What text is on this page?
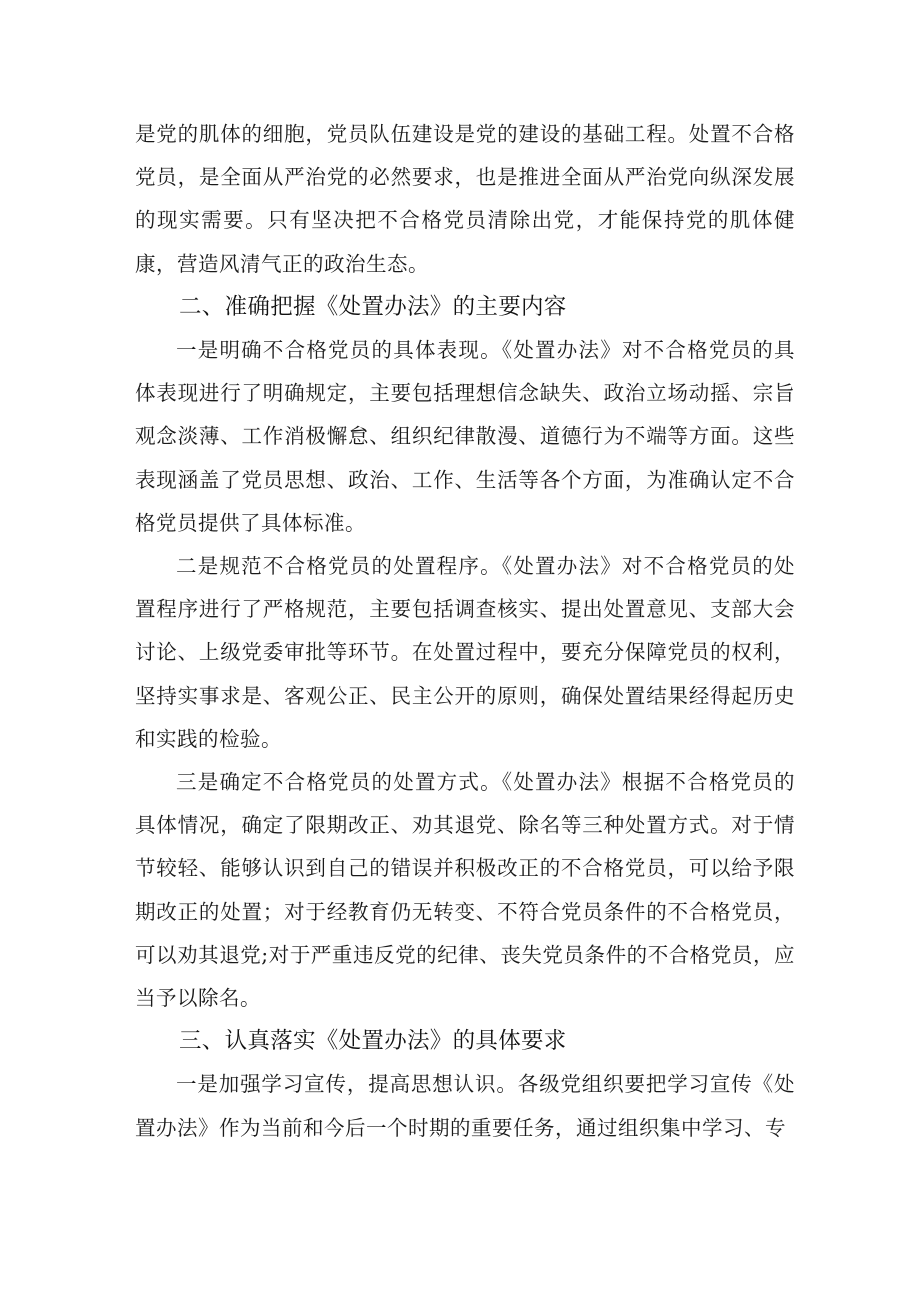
是党的肌体的细胞，党员队伍建设是党的建设的基础工程。处置不合格党员，是全面从严治党的必然要求，也是推进全面从严治党向纵深发展的现实需要。只有坚决把不合格党员清除出党，才能保持党的肌体健康，营造风清气正的政治生态。

二、准确把握《处置办法》的主要内容

一是明确不合格党员的具体表现。《处置办法》对不合格党员的具体表现进行了明确规定，主要包括理想信念缺失、政治立场动摇、宗旨观念淡薄、工作消极懈怠、组织纪律散漫、道德行为不端等方面。这些表现涵盖了党员思想、政治、工作、生活等各个方面，为准确认定不合格党员提供了具体标准。

二是规范不合格党员的处置程序。《处置办法》对不合格党员的处置程序进行了严格规范，主要包括调查核实、提出处置意见、支部大会讨论、上级党委审批等环节。在处置过程中，要充分保障党员的权利，坚持实事求是、客观公正、民主公开的原则，确保处置结果经得起历史和实践的检验。

三是确定不合格党员的处置方式。《处置办法》根据不合格党员的具体情况，确定了限期改正、劝其退党、除名等三种处置方式。对于情节较轻、能够认识到自己的错误并积极改正的不合格党员，可以给予限期改正的处置；对于经教育仍无转变、不符合党员条件的不合格党员，可以劝其退党;对于严重违反党的纪律、丧失党员条件的不合格党员，应当予以除名。

三、认真落实《处置办法》的具体要求

一是加强学习宣传，提高思想认识。各级党组织要把学习宣传《处置办法》作为当前和今后一个时期的重要任务，通过组织集中学习、专
